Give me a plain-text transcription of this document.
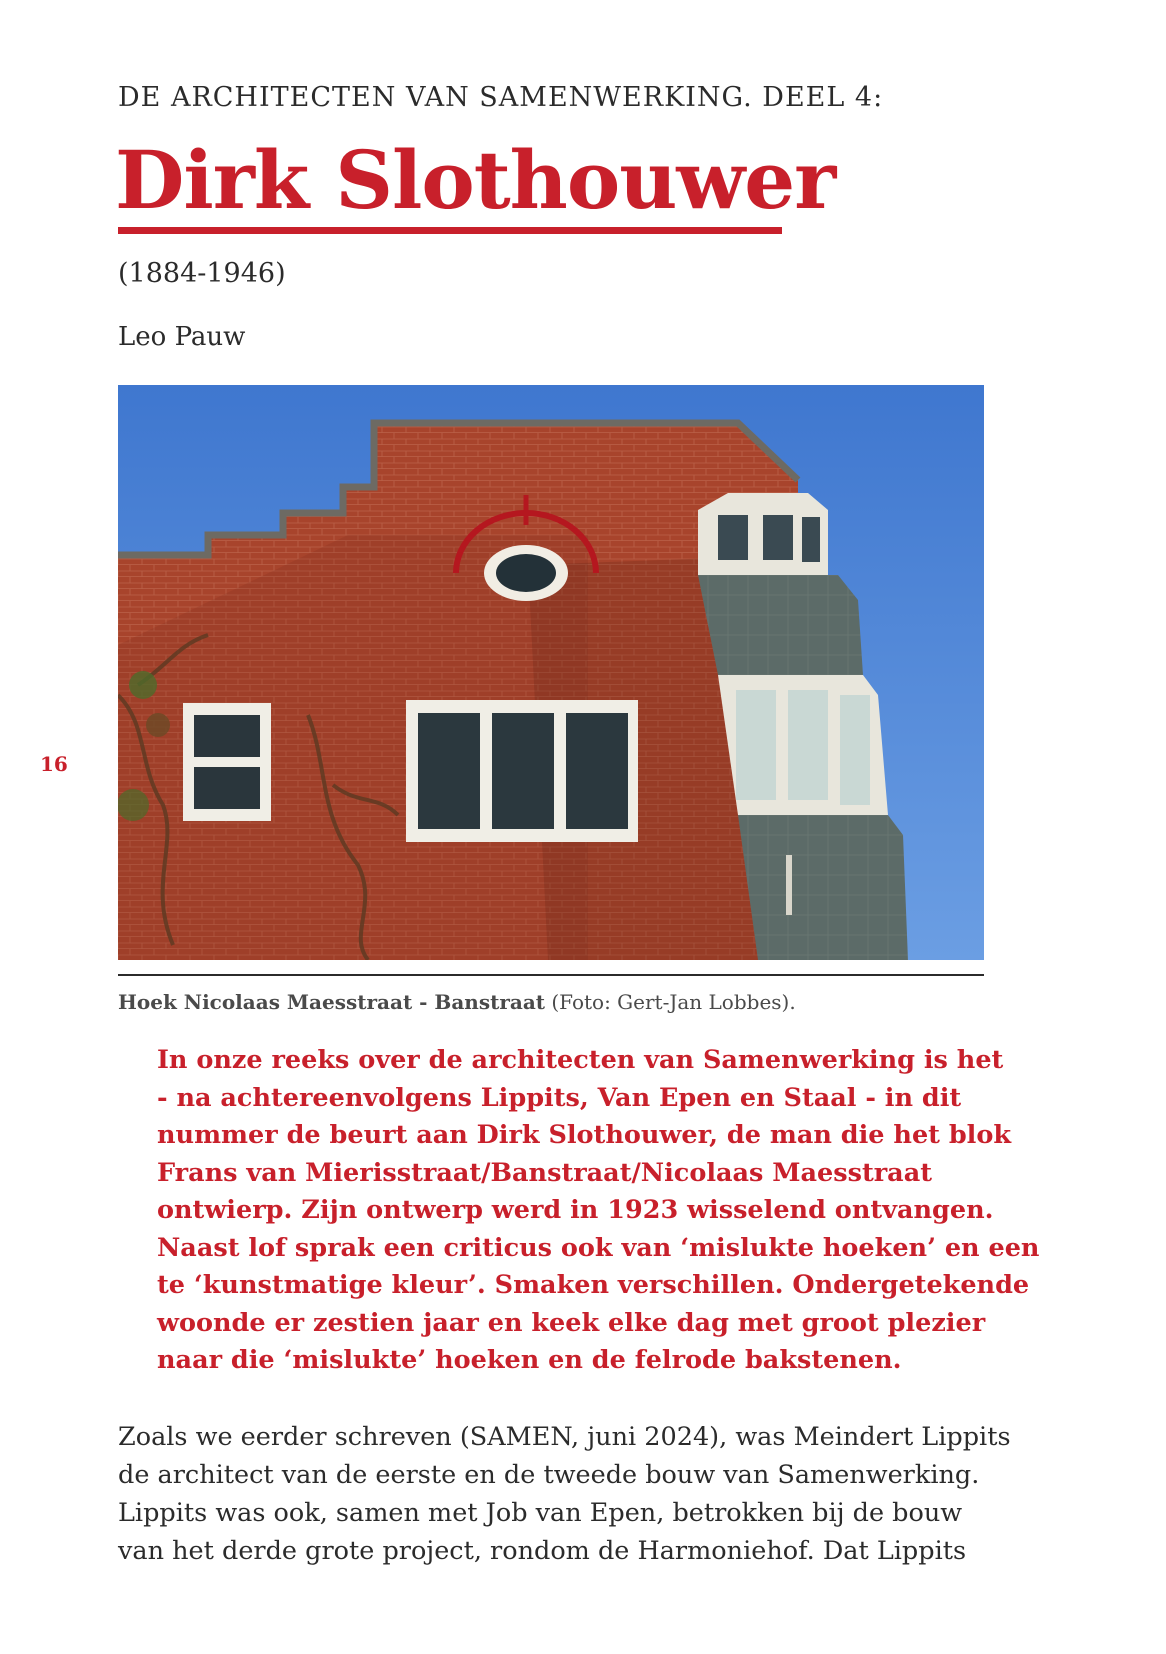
16
DE ARCHITECTEN VAN SAMENWERKING. DEEL 4:
Dirk Slothouwer
(1884-1946)
Leo Pauw
Hoek Nicolaas Maesstraat - Banstraat (Foto: Gert-Jan Lobbes).
In onze reeks over de architecten van Samenwerking is het
- na achtereenvolgens Lippits, Van Epen en Staal - in dit
nummer de beurt aan Dirk Slothouwer, de man die het blok
Frans van Mierisstraat/Banstraat/Nicolaas Maesstraat
ontwierp. Zijn ontwerp werd in 1923 wisselend ontvangen.
Naast lof sprak een criticus ook van ‘mislukte hoeken’ en een
te ‘kunstmatige kleur’. Smaken verschillen. Ondergetekende
woonde er zestien jaar en keek elke dag met groot plezier
naar die ‘mislukte’ hoeken en de felrode bakstenen.
Zoals we eerder schreven (SAMEN, juni 2024), was Meindert Lippits
de architect van de eerste en de tweede bouw van Samenwerking.
Lippits was ook, samen met Job van Epen, betrokken bij de bouw
van het derde grote project, rondom de Harmoniehof. Dat Lippits
